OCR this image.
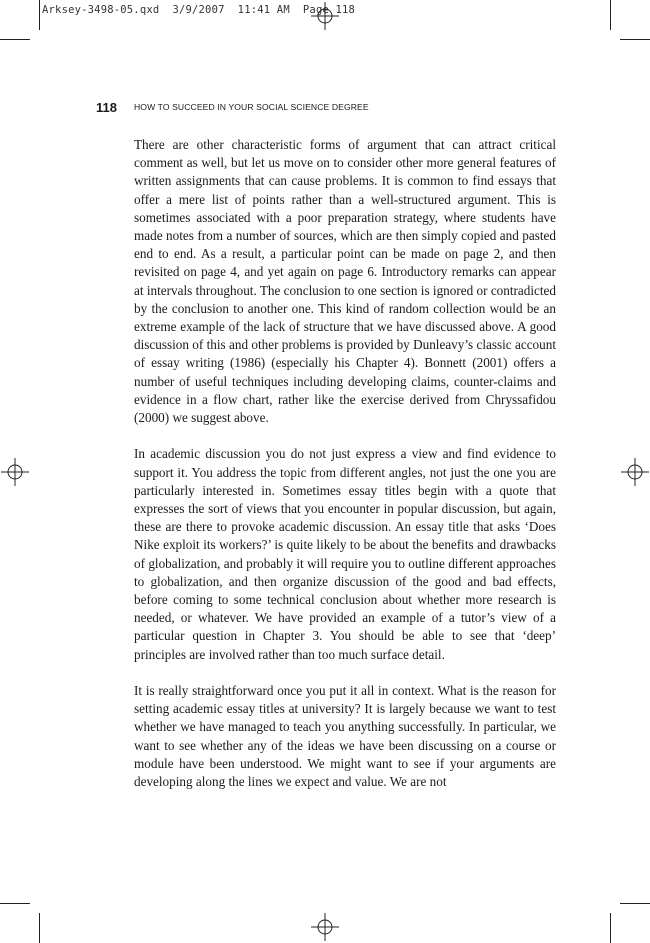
Arksey-3498-05.qxd 3/9/2007 11:41 AM Page 118
118 HOW TO SUCCEED IN YOUR SOCIAL SCIENCE DEGREE

There are other characteristic forms of argument that can attract critical comment as well, but let us move on to consider other more general features of written assignments that can cause problems. It is common to find essays that offer a mere list of points rather than a well-structured argument. This is sometimes associated with a poor preparation strategy, where students have made notes from a number of sources, which are then simply copied and pasted end to end. As a result, a particular point can be made on page 2, and then revisited on page 4, and yet again on page 6. Introductory remarks can appear at intervals throughout. The conclusion to one section is ignored or contradicted by the conclusion to another one. This kind of random collection would be an extreme example of the lack of structure that we have discussed above. A good discussion of this and other problems is provided by Dunleavy’s classic account of essay writing (1986) (especially his Chapter 4). Bonnett (2001) offers a number of useful techniques including developing claims, counter-claims and evidence in a flow chart, rather like the exercise derived from Chryssafidou (2000) we suggest above.

In academic discussion you do not just express a view and find evidence to support it. You address the topic from different angles, not just the one you are particularly interested in. Sometimes essay titles begin with a quote that expresses the sort of views that you encounter in popular discussion, but again, these are there to provoke academic discussion. An essay title that asks ‘Does Nike exploit its workers?’ is quite likely to be about the benefits and drawbacks of globalization, and probably it will require you to outline different approaches to globalization, and then organize discussion of the good and bad effects, before coming to some technical conclusion about whether more research is needed, or whatever. We have provided an example of a tutor’s view of a particular question in Chapter 3. You should be able to see that ‘deep’ principles are involved rather than too much surface detail.

It is really straightforward once you put it all in context. What is the reason for setting academic essay titles at university? It is largely because we want to test whether we have managed to teach you anything successfully. In particular, we want to see whether any of the ideas we have been discussing on a course or module have been understood. We might want to see if your arguments are developing along the lines we expect and value. We are not
